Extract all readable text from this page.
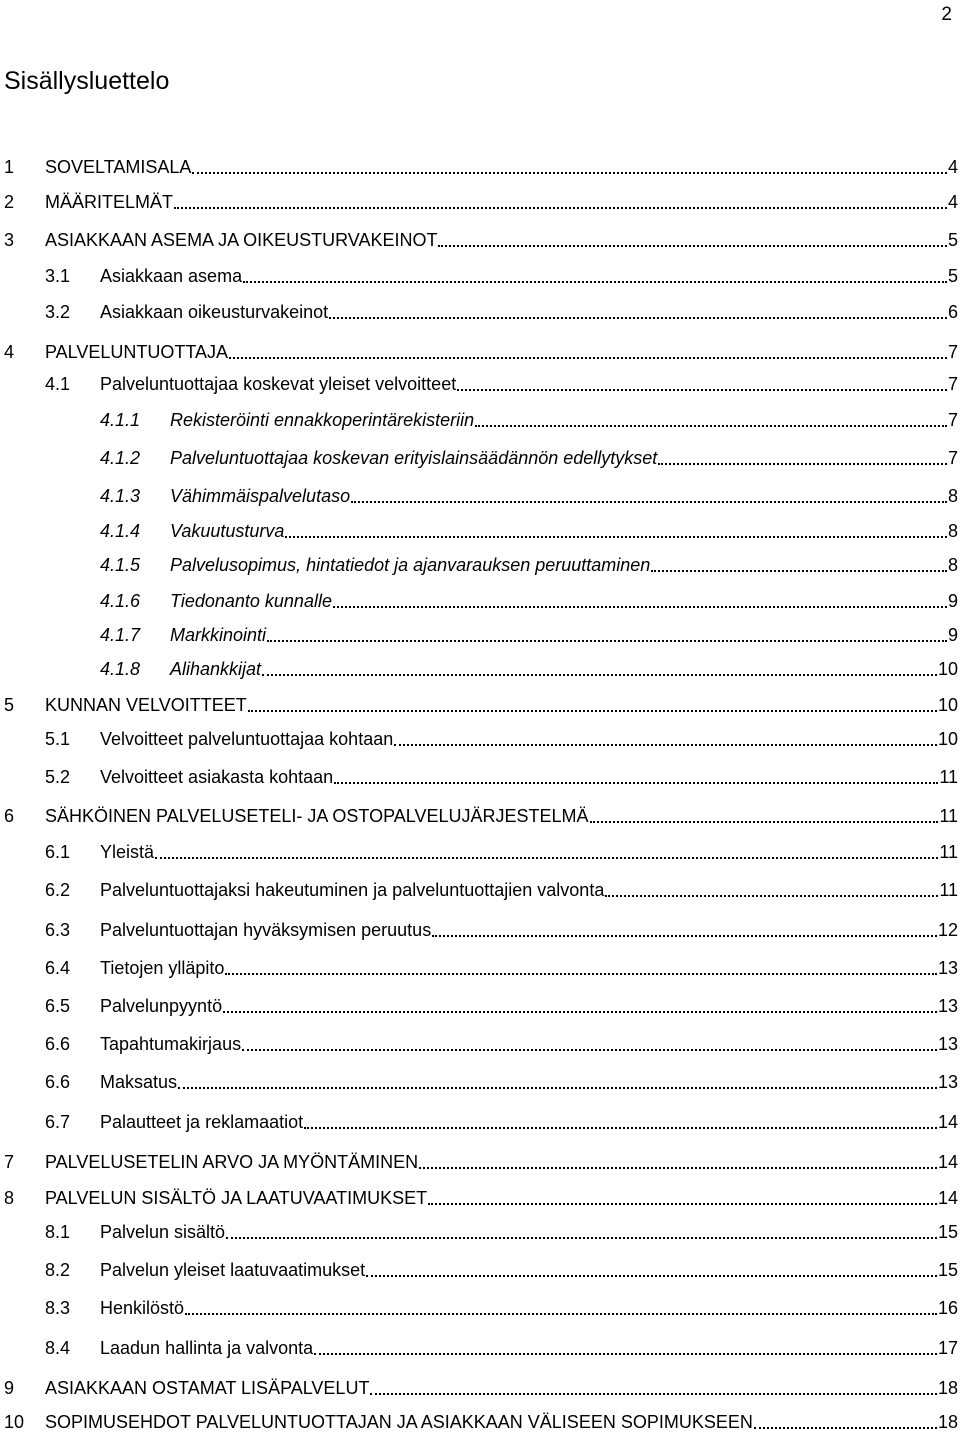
2
Sisällysluettelo
1 SOVELTAMISALA	4
2 MÄÄRITELMÄT	4
3 ASIAKKAAN ASEMA JA OIKEUSTURVAKEINOT	5
3.1 Asiakkaan asema	5
3.2 Asiakkaan oikeusturvakeinot	6
4 PALVELUNTUOTTAJA	7
4.1 Palveluntuottajaa koskevat yleiset velvoitteet	7
4.1.1 Rekisteröinti ennakkoperintärekisteriin	7
4.1.2 Palveluntuottajaa koskevan erityislainsäädännön edellytykset	7
4.1.3 Vähimmäispalvelutaso	8
4.1.4 Vakuutusturva	8
4.1.5 Palvelusopimus, hintatiedot ja ajanvarauksen peruuttaminen	8
4.1.6 Tiedonanto kunnalle	9
4.1.7 Markkinointi	9
4.1.8 Alihankkijat	10
5 KUNNAN VELVOITTEET	10
5.1 Velvoitteet palveluntuottajaa kohtaan	10
5.2 Velvoitteet asiakasta kohtaan	11
6 SÄHKÖINEN PALVELUSETELI- JA OSTOPALVELUJÄRJESTELMÄ	11
6.1 Yleistä	11
6.2 Palveluntuottajaksi hakeutuminen ja palveluntuottajien valvonta	11
6.3 Palveluntuottajan hyväksymisen peruutus	12
6.4 Tietojen ylläpito	13
6.5 Palvelunpyyntö	13
6.6 Tapahtumakirjaus	13
6.6 Maksatus	13
6.7 Palautteet ja reklamaatiot	14
7 PALVELUSETELIN ARVO JA MYÖNTÄMINEN	14
8 PALVELUN SISÄLTÖ JA LAATUVAATIMUKSET	14
8.1 Palvelun sisältö	15
8.2 Palvelun yleiset laatuvaatimukset	15
8.3 Henkilöstö	16
8.4 Laadun hallinta ja valvonta	17
9 ASIAKKAAN OSTAMAT LISÄPALVELUT	18
10 SOPIMUSEHDOT PALVELUNTUOTTAJAN JA ASIAKKAAN VÄLISEEN SOPIMUKSEEN	18
